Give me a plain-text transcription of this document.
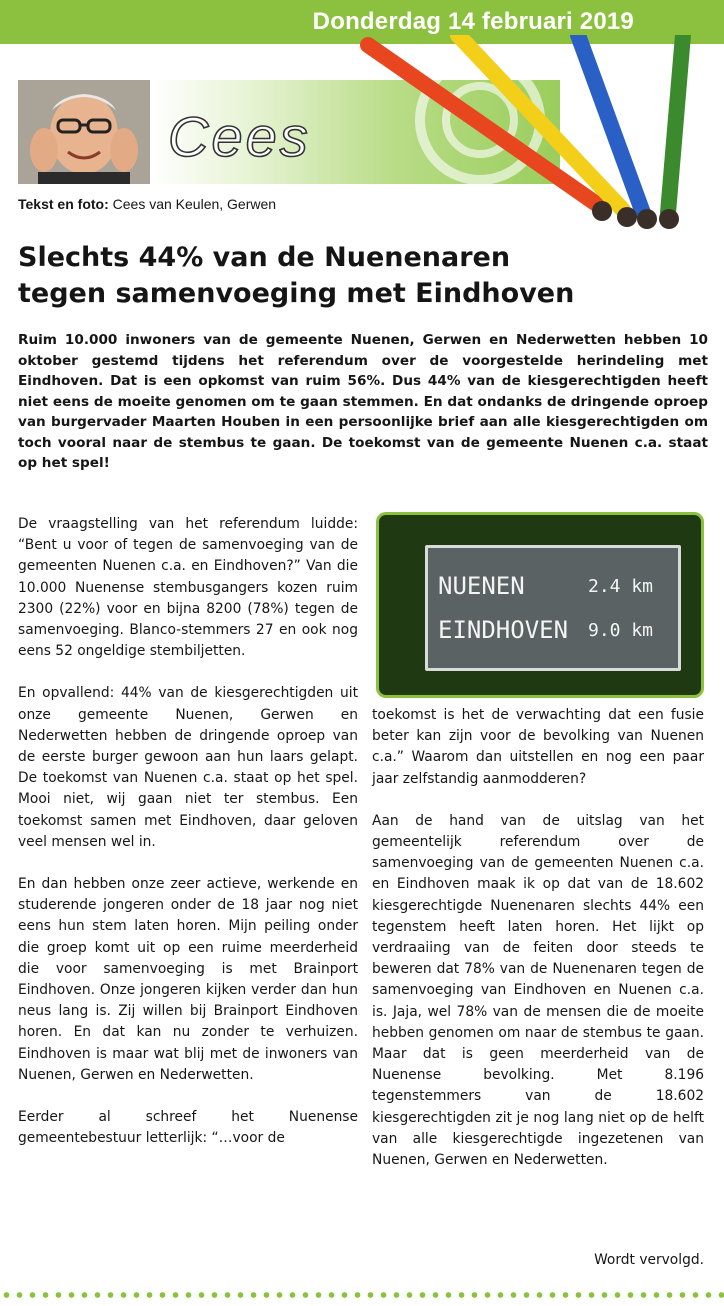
Donderdag 14 februari 2019
Cees
Tekst en foto: Cees van Keulen, Gerwen
Slechts 44% van de Nuenenaren
tegen samenvoeging met Eindhoven
Ruim 10.000 inwoners van de gemeente Nuenen, Gerwen en Nederwetten hebben 10 oktober gestemd tijdens het referendum over de voorgestelde herindeling met Eindhoven. Dat is een opkomst van ruim 56%. Dus 44% van de kiesgerechtigden heeft niet eens de moeite genomen om te gaan stemmen. En dat ondanks de dringende oproep van burgervader Maarten Houben in een persoonlijke brief aan alle kiesgerechtigden om toch vooral naar de stembus te gaan. De toekomst van de gemeente Nuenen c.a. staat op het spel!

De vraagstelling van het referendum luidde: “Bent u voor of tegen de samenvoeging van de gemeenten Nuenen c.a. en Eindhoven?” Van die 10.000 Nuenense stembusgangers kozen ruim 2300 (22%) voor en bijna 8200 (78%) tegen de samenvoeging. Blanco-stemmers 27 en ook nog eens 52 ongeldige stembiljetten.

En opvallend: 44% van de kiesgerechtigden uit onze gemeente Nuenen, Gerwen en Nederwetten hebben de dringende oproep van de eerste burger gewoon aan hun laars gelapt. De toekomst van Nuenen c.a. staat op het spel. Mooi niet, wij gaan niet ter stembus. Een toekomst samen met Eindhoven, daar geloven veel mensen wel in.

En dan hebben onze zeer actieve, werkende en studerende jongeren onder de 18 jaar nog niet eens hun stem laten horen. Mijn peiling onder die groep komt uit op een ruime meerderheid die voor samenvoeging is met Brainport Eindhoven. Onze jongeren kijken verder dan hun neus lang is. Zij willen bij Brainport Eindhoven horen. En dat kan nu zonder te verhuizen. Eindhoven is maar wat blij met de inwoners van Nuenen, Gerwen en Nederwetten.

Eerder al schreef het Nuenense gemeentebestuur letterlijk: “…voor de

NUENEN	2.4 km
EINDHOVEN 9.0 km

toekomst is het de verwachting dat een fusie beter kan zijn voor de bevolking van Nuenen c.a.” Waarom dan uitstellen en nog een paar jaar zelfstandig aanmodderen?

Aan de hand van de uitslag van het gemeentelijk referendum over de samenvoeging van de gemeenten Nuenen c.a. en Eindhoven maak ik op dat van de 18.602 kiesgerechtigde Nuenenaren slechts 44% een tegenstem heeft laten horen. Het lijkt op verdraaiing van de feiten door steeds te beweren dat 78% van de Nuenenaren tegen de samenvoeging van Eindhoven en Nuenen c.a. is. Jaja, wel 78% van de mensen die de moeite hebben genomen om naar de stembus te gaan. Maar dat is geen meerderheid van de Nuenense bevolking. Met 8.196 tegenstemmers van de 18.602 kiesgerechtigden zit je nog lang niet op de helft van alle kiesgerechtigde ingezetenen van Nuenen, Gerwen en Nederwetten.

Wordt vervolgd.
